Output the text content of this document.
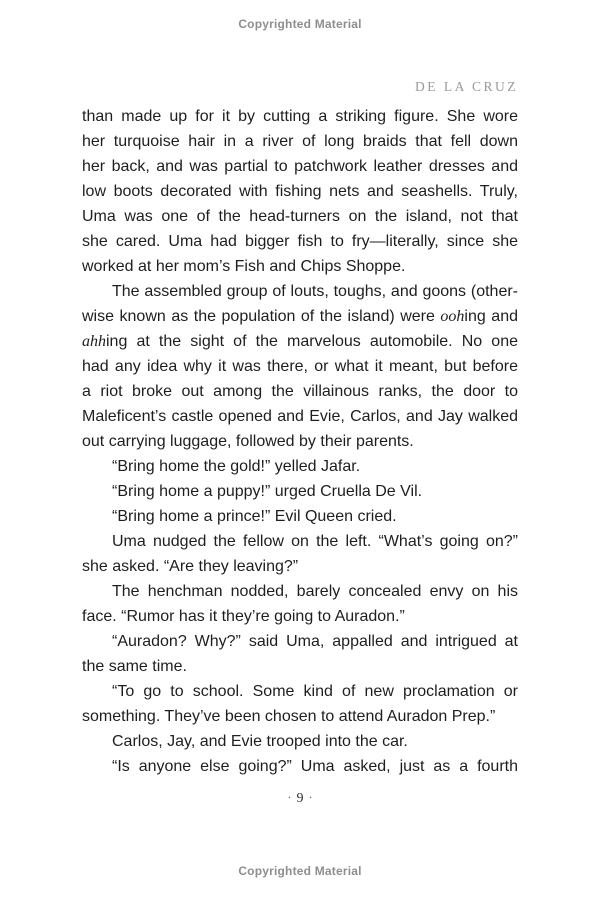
Copyrighted Material
DE LA CRUZ
than made up for it by cutting a striking figure. She wore
her turquoise hair in a river of long braids that fell down
her back, and was partial to patchwork leather dresses and
low boots decorated with fishing nets and seashells. Truly,
Uma was one of the head-turners on the island, not that
she cared. Uma had bigger fish to fry—literally, since she
worked at her mom’s Fish and Chips Shoppe.
The assembled group of louts, toughs, and goons (other-
wise known as the population of the island) were oohing and
ahhing at the sight of the marvelous automobile. No one
had any idea why it was there, or what it meant, but before
a riot broke out among the villainous ranks, the door to
Maleficent’s castle opened and Evie, Carlos, and Jay walked
out carrying luggage, followed by their parents.
“Bring home the gold!” yelled Jafar.
“Bring home a puppy!” urged Cruella De Vil.
“Bring home a prince!” Evil Queen cried.
Uma nudged the fellow on the left. “What’s going on?”
she asked. “Are they leaving?”
The henchman nodded, barely concealed envy on his
face. “Rumor has it they’re going to Auradon.”
“Auradon? Why?” said Uma, appalled and intrigued at
the same time.
“To go to school. Some kind of new proclamation or
something. They’ve been chosen to attend Auradon Prep.”
Carlos, Jay, and Evie trooped into the car.
“Is anyone else going?” Uma asked, just as a fourth
· 9 ·
Copyrighted Material
